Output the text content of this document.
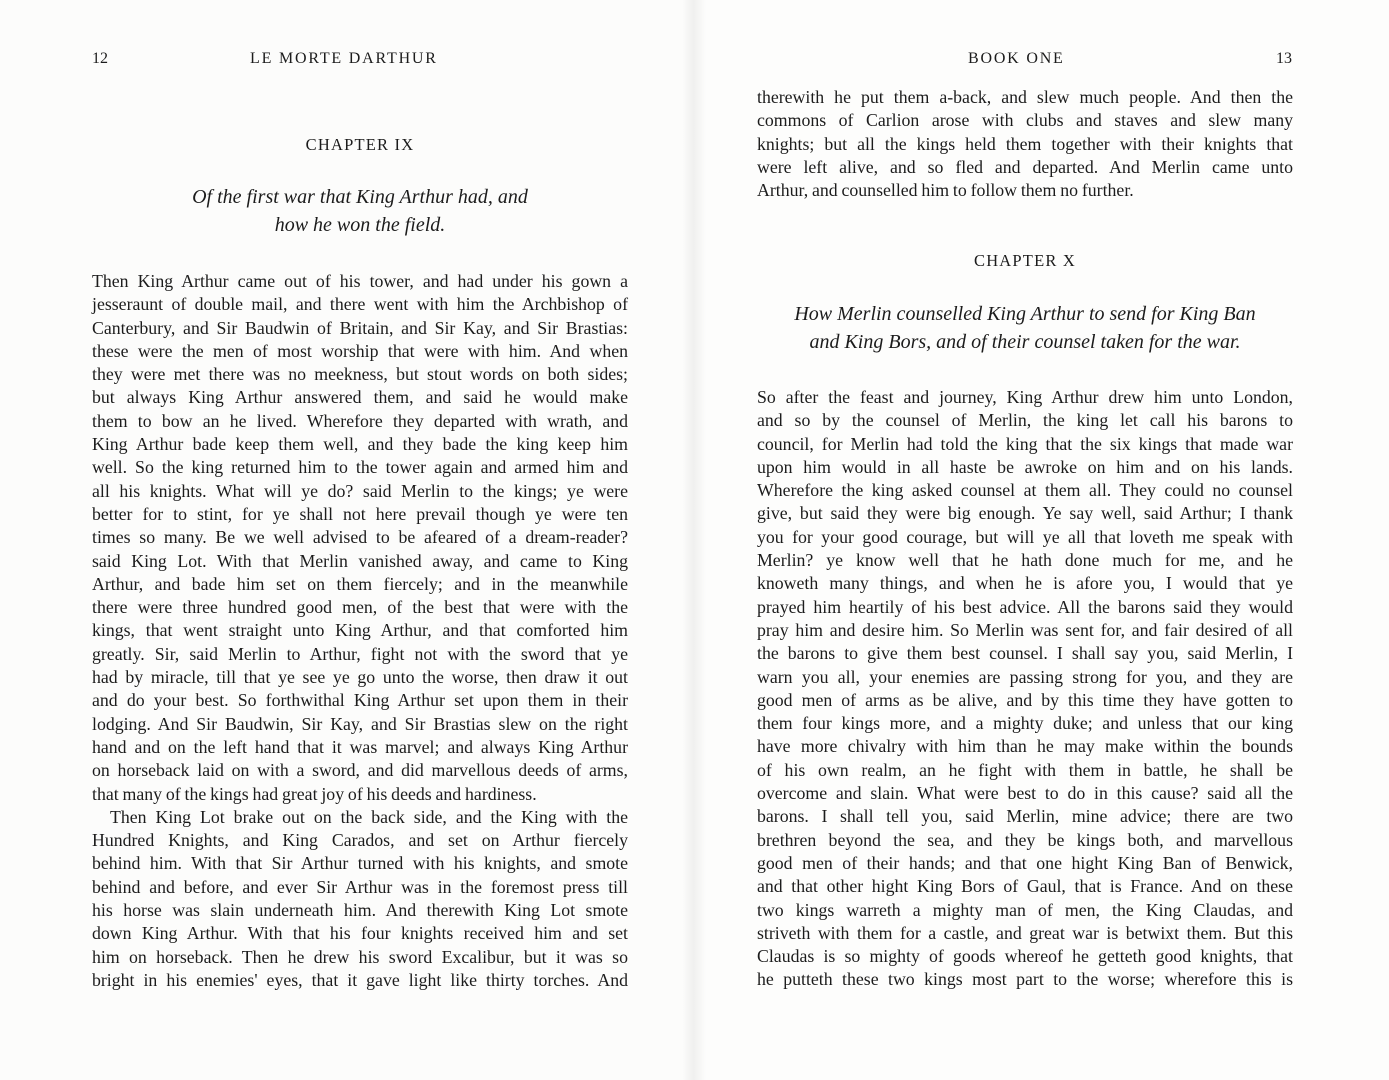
12	LE MORTE DARTHUR
CHAPTER IX
Of the first war that King Arthur had, and
how he won the field.
Then King Arthur came out of his tower, and had under his gown a
jesseraunt of double mail, and there went with him the Archbishop of
Canterbury, and Sir Baudwin of Britain, and Sir Kay, and Sir Brastias:
these were the men of most worship that were with him. And when
they were met there was no meekness, but stout words on both sides;
but always King Arthur answered them, and said he would make
them to bow an he lived. Wherefore they departed with wrath, and
King Arthur bade keep them well, and they bade the king keep him
well. So the king returned him to the tower again and armed him and
all his knights. What will ye do? said Merlin to the kings; ye were
better for to stint, for ye shall not here prevail though ye were ten
times so many. Be we well advised to be afeared of a dream-reader?
said King Lot. With that Merlin vanished away, and came to King
Arthur, and bade him set on them fiercely; and in the meanwhile
there were three hundred good men, of the best that were with the
kings, that went straight unto King Arthur, and that comforted him
greatly. Sir, said Merlin to Arthur, fight not with the sword that ye
had by miracle, till that ye see ye go unto the worse, then draw it out
and do your best. So forthwithal King Arthur set upon them in their
lodging. And Sir Baudwin, Sir Kay, and Sir Brastias slew on the right
hand and on the left hand that it was marvel; and always King Arthur
on horseback laid on with a sword, and did marvellous deeds of arms,
that many of the kings had great joy of his deeds and hardiness.
Then King Lot brake out on the back side, and the King with the
Hundred Knights, and King Carados, and set on Arthur fiercely
behind him. With that Sir Arthur turned with his knights, and smote
behind and before, and ever Sir Arthur was in the foremost press till
his horse was slain underneath him. And therewith King Lot smote
down King Arthur. With that his four knights received him and set
him on horseback. Then he drew his sword Excalibur, but it was so
bright in his enemies' eyes, that it gave light like thirty torches. And
BOOK ONE	13
therewith he put them a-back, and slew much people. And then the
commons of Carlion arose with clubs and staves and slew many
knights; but all the kings held them together with their knights that
were left alive, and so fled and departed. And Merlin came unto
Arthur, and counselled him to follow them no further.
CHAPTER X
How Merlin counselled King Arthur to send for King Ban
and King Bors, and of their counsel taken for the war.
So after the feast and journey, King Arthur drew him unto London,
and so by the counsel of Merlin, the king let call his barons to
council, for Merlin had told the king that the six kings that made war
upon him would in all haste be awroke on him and on his lands.
Wherefore the king asked counsel at them all. They could no counsel
give, but said they were big enough. Ye say well, said Arthur; I thank
you for your good courage, but will ye all that loveth me speak with
Merlin? ye know well that he hath done much for me, and he
knoweth many things, and when he is afore you, I would that ye
prayed him heartily of his best advice. All the barons said they would
pray him and desire him. So Merlin was sent for, and fair desired of all
the barons to give them best counsel. I shall say you, said Merlin, I
warn you all, your enemies are passing strong for you, and they are
good men of arms as be alive, and by this time they have gotten to
them four kings more, and a mighty duke; and unless that our king
have more chivalry with him than he may make within the bounds
of his own realm, an he fight with them in battle, he shall be
overcome and slain. What were best to do in this cause? said all the
barons. I shall tell you, said Merlin, mine advice; there are two
brethren beyond the sea, and they be kings both, and marvellous
good men of their hands; and that one hight King Ban of Benwick,
and that other hight King Bors of Gaul, that is France. And on these
two kings warreth a mighty man of men, the King Claudas, and
striveth with them for a castle, and great war is betwixt them. But this
Claudas is so mighty of goods whereof he getteth good knights, that
he putteth these two kings most part to the worse; wherefore this is
